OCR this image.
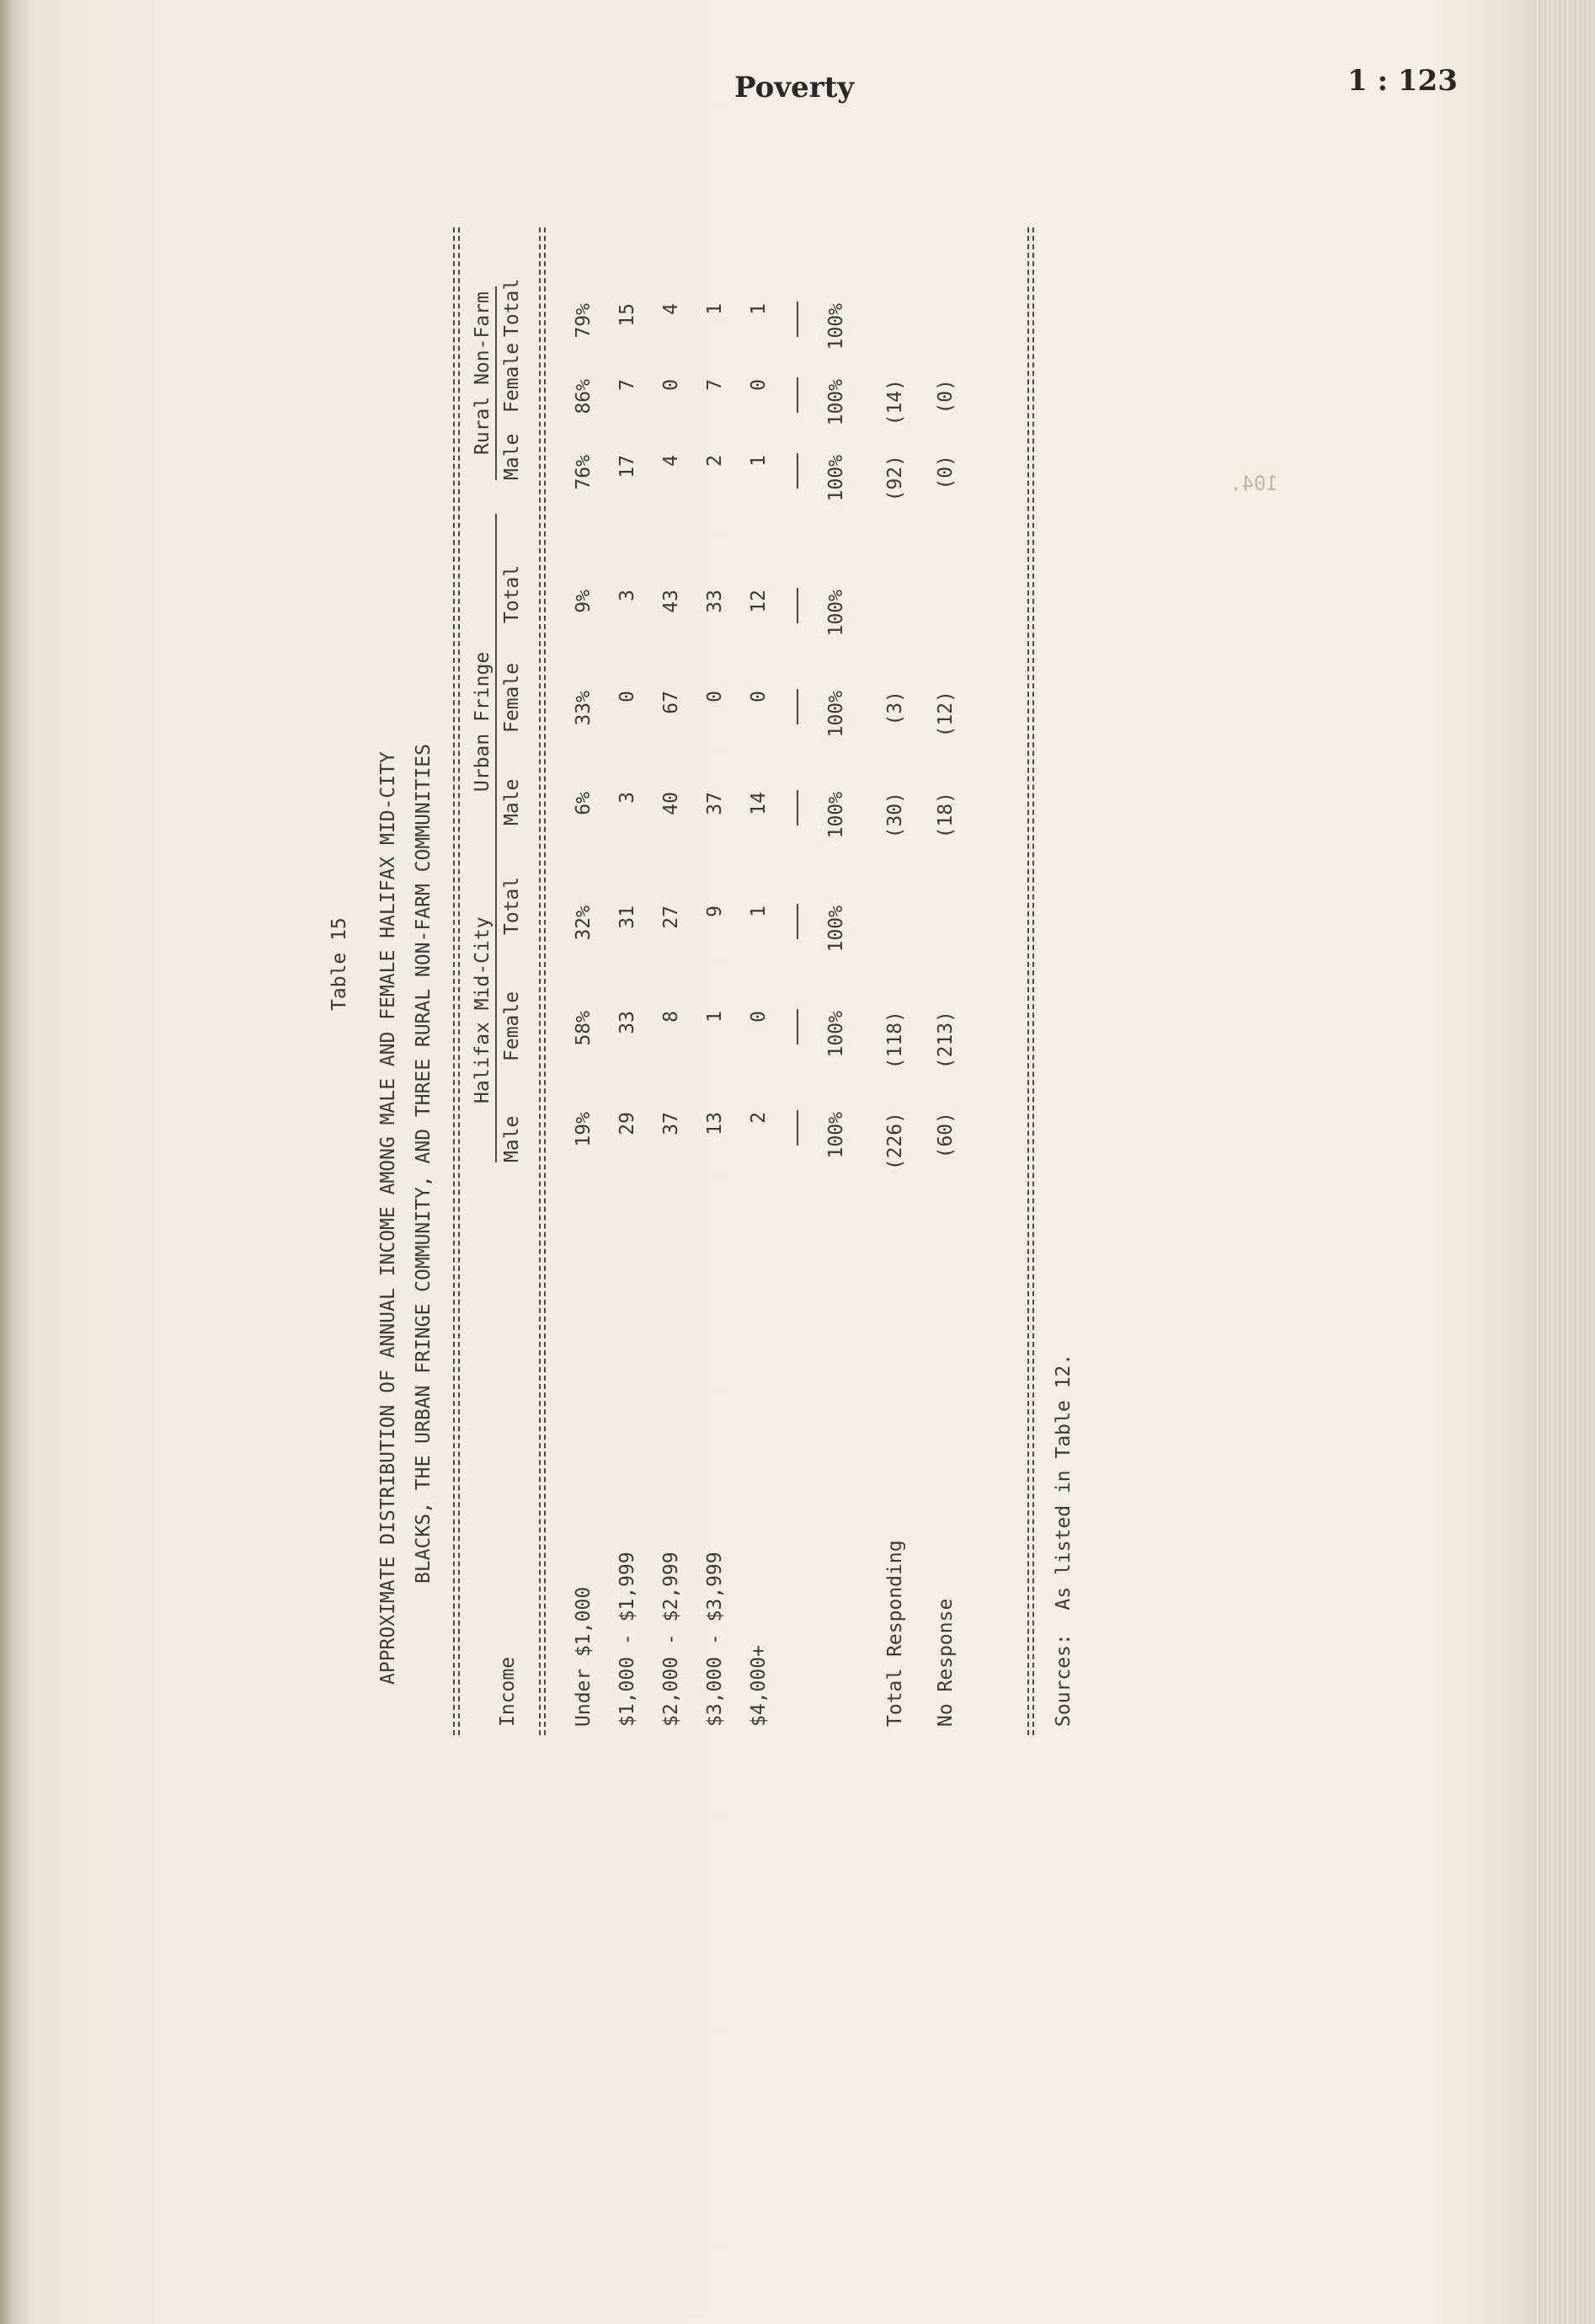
Poverty	1 : 123
Table 15 APPROXIMATE DISTRIBUTION OF ANNUAL INCOME AMONG MALE AND FEMALE HALIFAX MID-CITY BLACKS, THE URBAN FRINGE COMMUNITY, AND THREE RURAL NON-FARM COMMUNITIES
Income
Halifax Mid-City
Urban Fringe
Rural Non-Farm
Male
Female
Total
Male
Female
Total
Male
Female
Total
Under $1,000
19%
58%
32%
6%
33%
9%
76%
86%
79%
$1,000 - $1,999
29
33
31
3
0
3
17
7
15
$2,000 - $2,999
37
8
27
40
67
43
4
0
4
$3,000 - $3,999
13
1
9
37
0
33
2
7
1
$4,000+
2
0
1
14
0
12
1
0
1
100%
100%
100%
100%
100%
100%
100%
100%
100%
Total Responding
(226)
(118)
(30)
(3)
(92)
(14)
No Response
(60)
(213)
(18)
(12)
(0)
(0)
Sources:  As listed in Table 12.
104.
